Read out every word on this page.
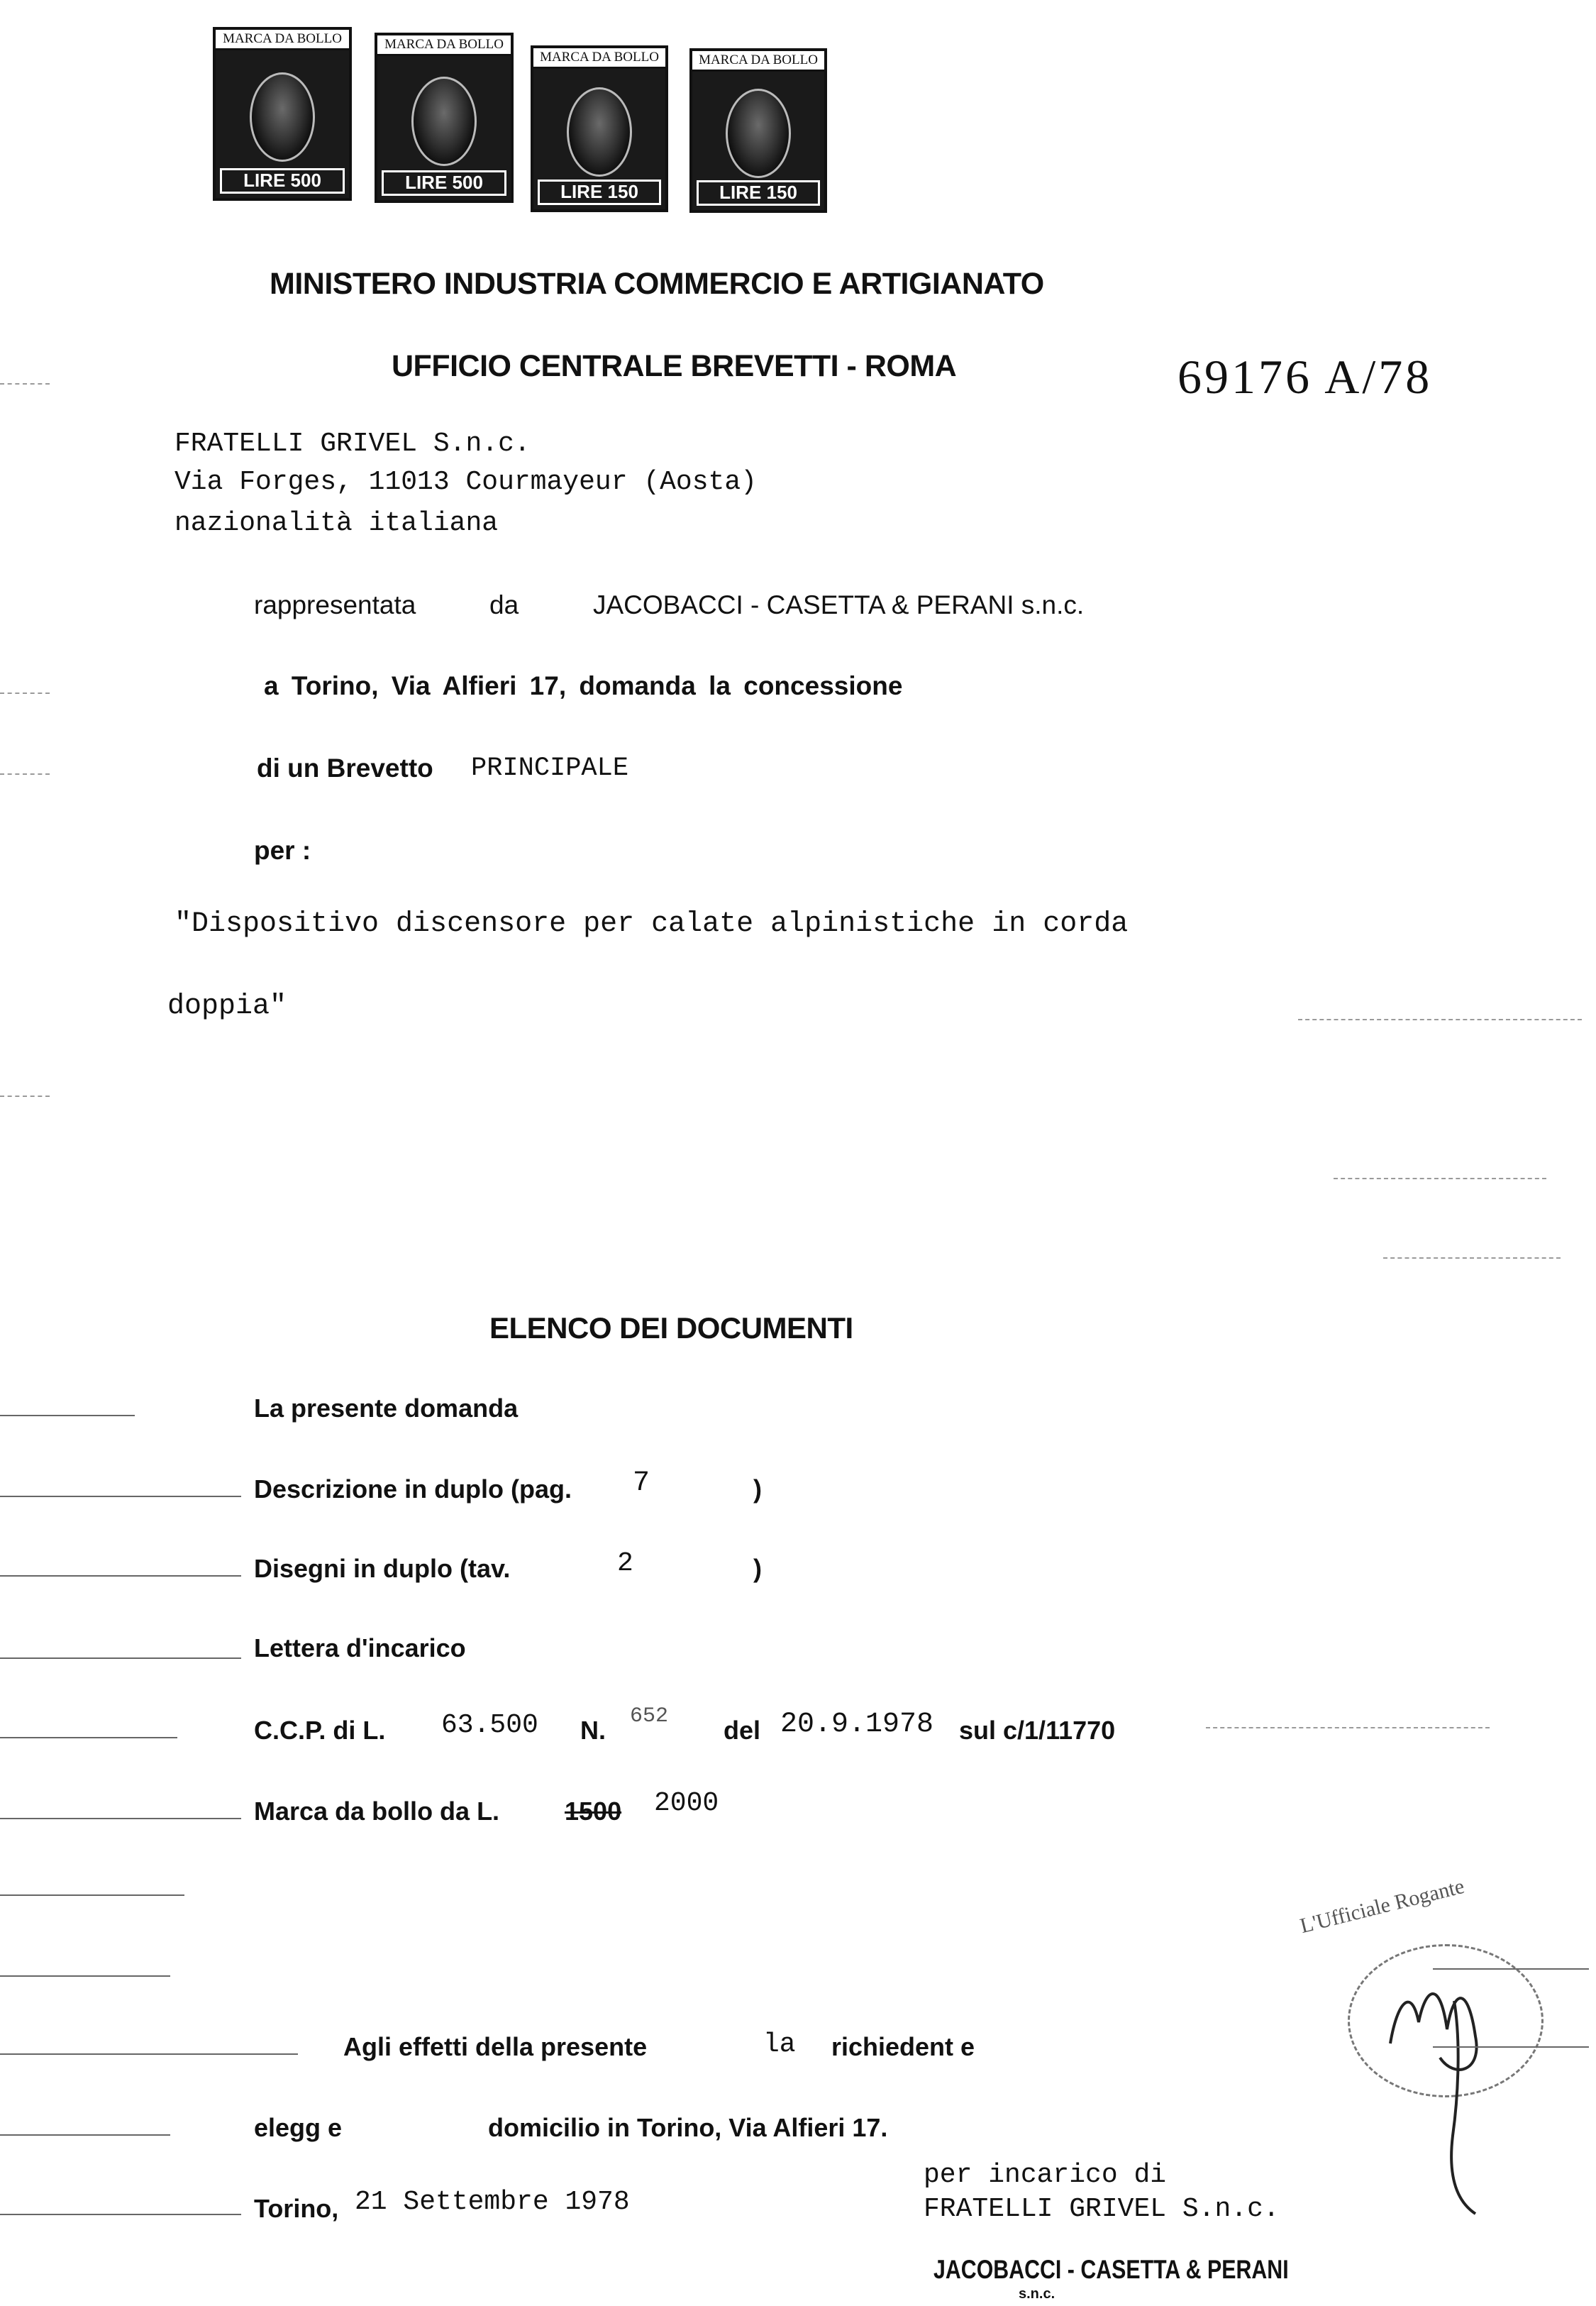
MARCA DA BOLLO
LIRE 500
MARCA DA BOLLO
LIRE 500
MARCA DA BOLLO
LIRE 150
MARCA DA BOLLO
LIRE 150
MINISTERO INDUSTRIA COMMERCIO E ARTIGIANATO
UFFICIO CENTRALE BREVETTI - ROMA	69176 A/78
FRATELLI GRIVEL S.n.c.
Via Forges, 11013 Courmayeur (Aosta)
nazionalità italiana
rappresentata	da	JACOBACCI - CASETTA & PERANI s.n.c.
a Torino, Via Alfieri 17, domanda la concessione
di un Brevetto PRINCIPALE
per :
"Dispositivo discensore per calate alpinistiche in corda
doppia"
ELENCO DEI DOCUMENTI
La presente domanda
Descrizione in duplo (pag. 7	)
Disegni in duplo (tav.	2	)
Lettera d'incarico
C.C.P. di L. 63.500 N. 652 del 20.9.1978 sul c/1/11770
Marca da bollo da L.	1500 2000
Agli effetti della presente	la richiedent e
elegg e	domicilio in Torino, Via Alfieri 17.
Torino, 21 Settembre 1978
per incarico di
FRATELLI GRIVEL S.n.c.
JACOBACCI - CASETTA & PERANI
s.n.c.
L'Ufficiale Rogante
